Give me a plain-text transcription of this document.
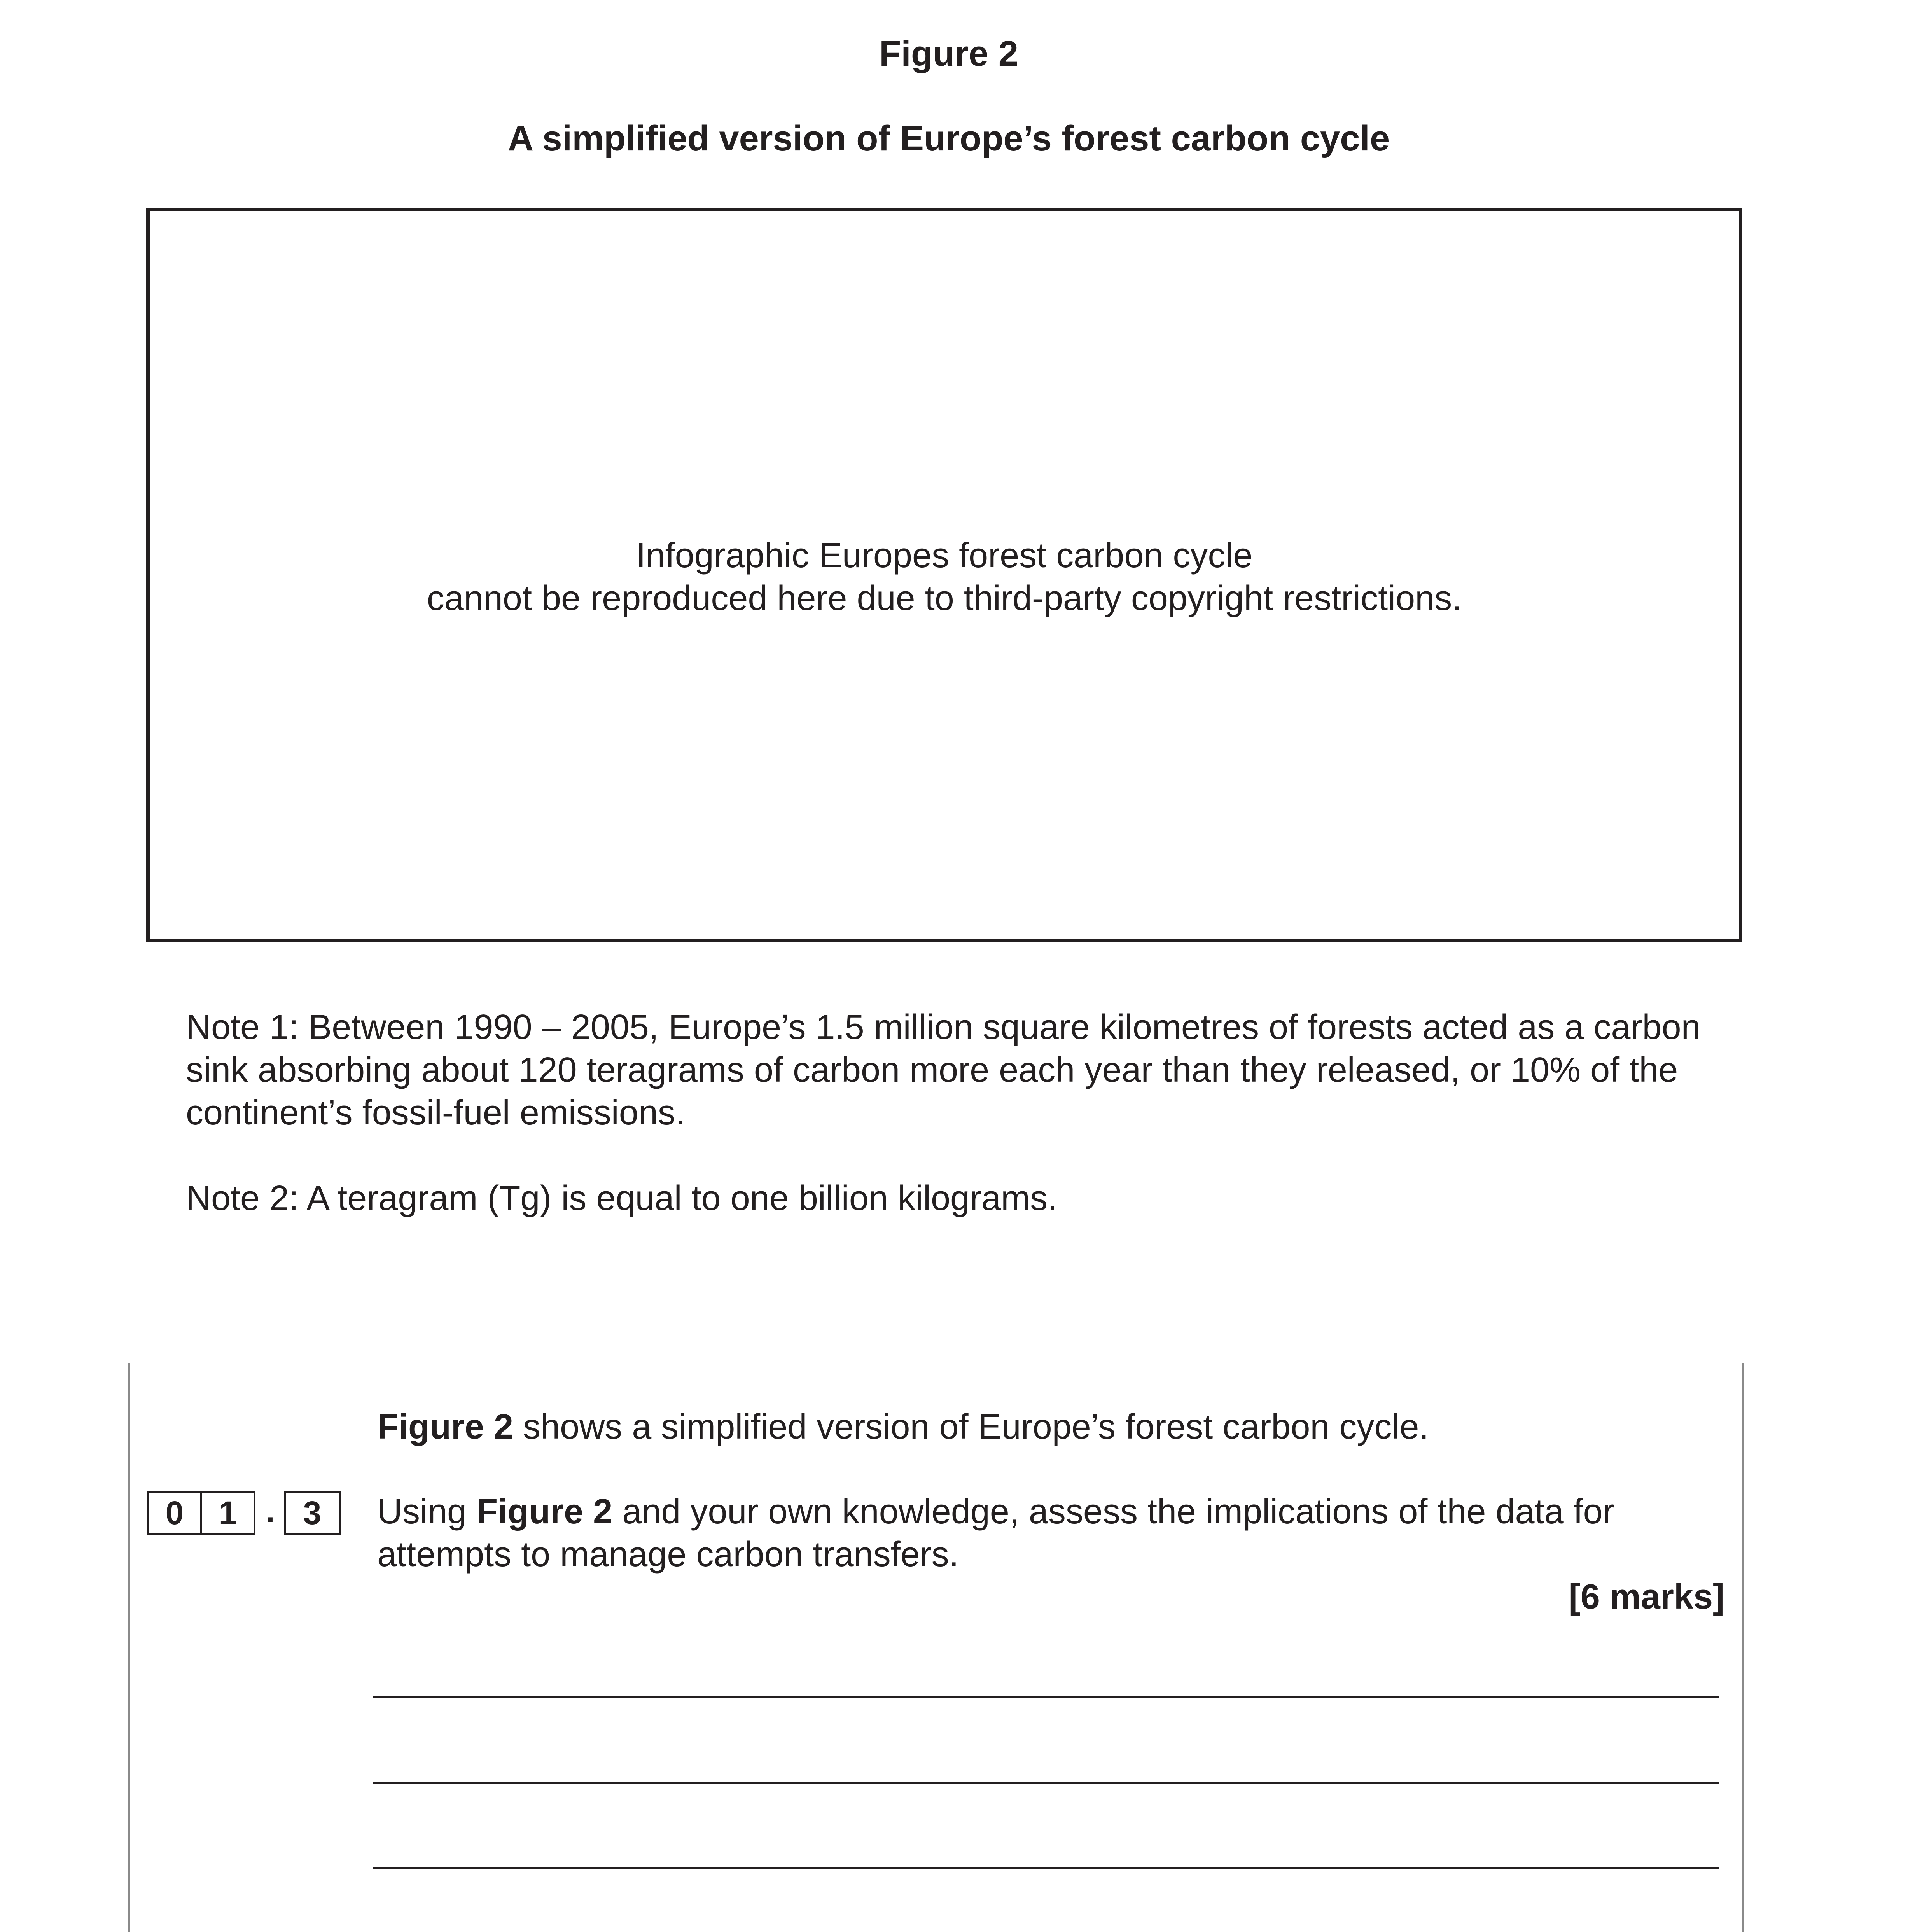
Figure 2
A simplified version of Europe’s forest carbon cycle
Infographic Europes forest carbon cycle
cannot be reproduced here due to third-party copyright restrictions.
Note 1: Between 1990 – 2005, Europe’s 1.5 million square kilometres of forests acted as a carbon
sink absorbing about 120 teragrams of carbon more each year than they released, or 10% of the
continent’s fossil-fuel emissions.
Note 2: A teragram (Tg) is equal to one billion kilograms.
Figure 2 shows a simplified version of Europe’s forest carbon cycle.
0	1 . 3	Using Figure 2 and your own knowledge, assess the implications of the data for
attempts to manage carbon transfers.
[6 marks]
